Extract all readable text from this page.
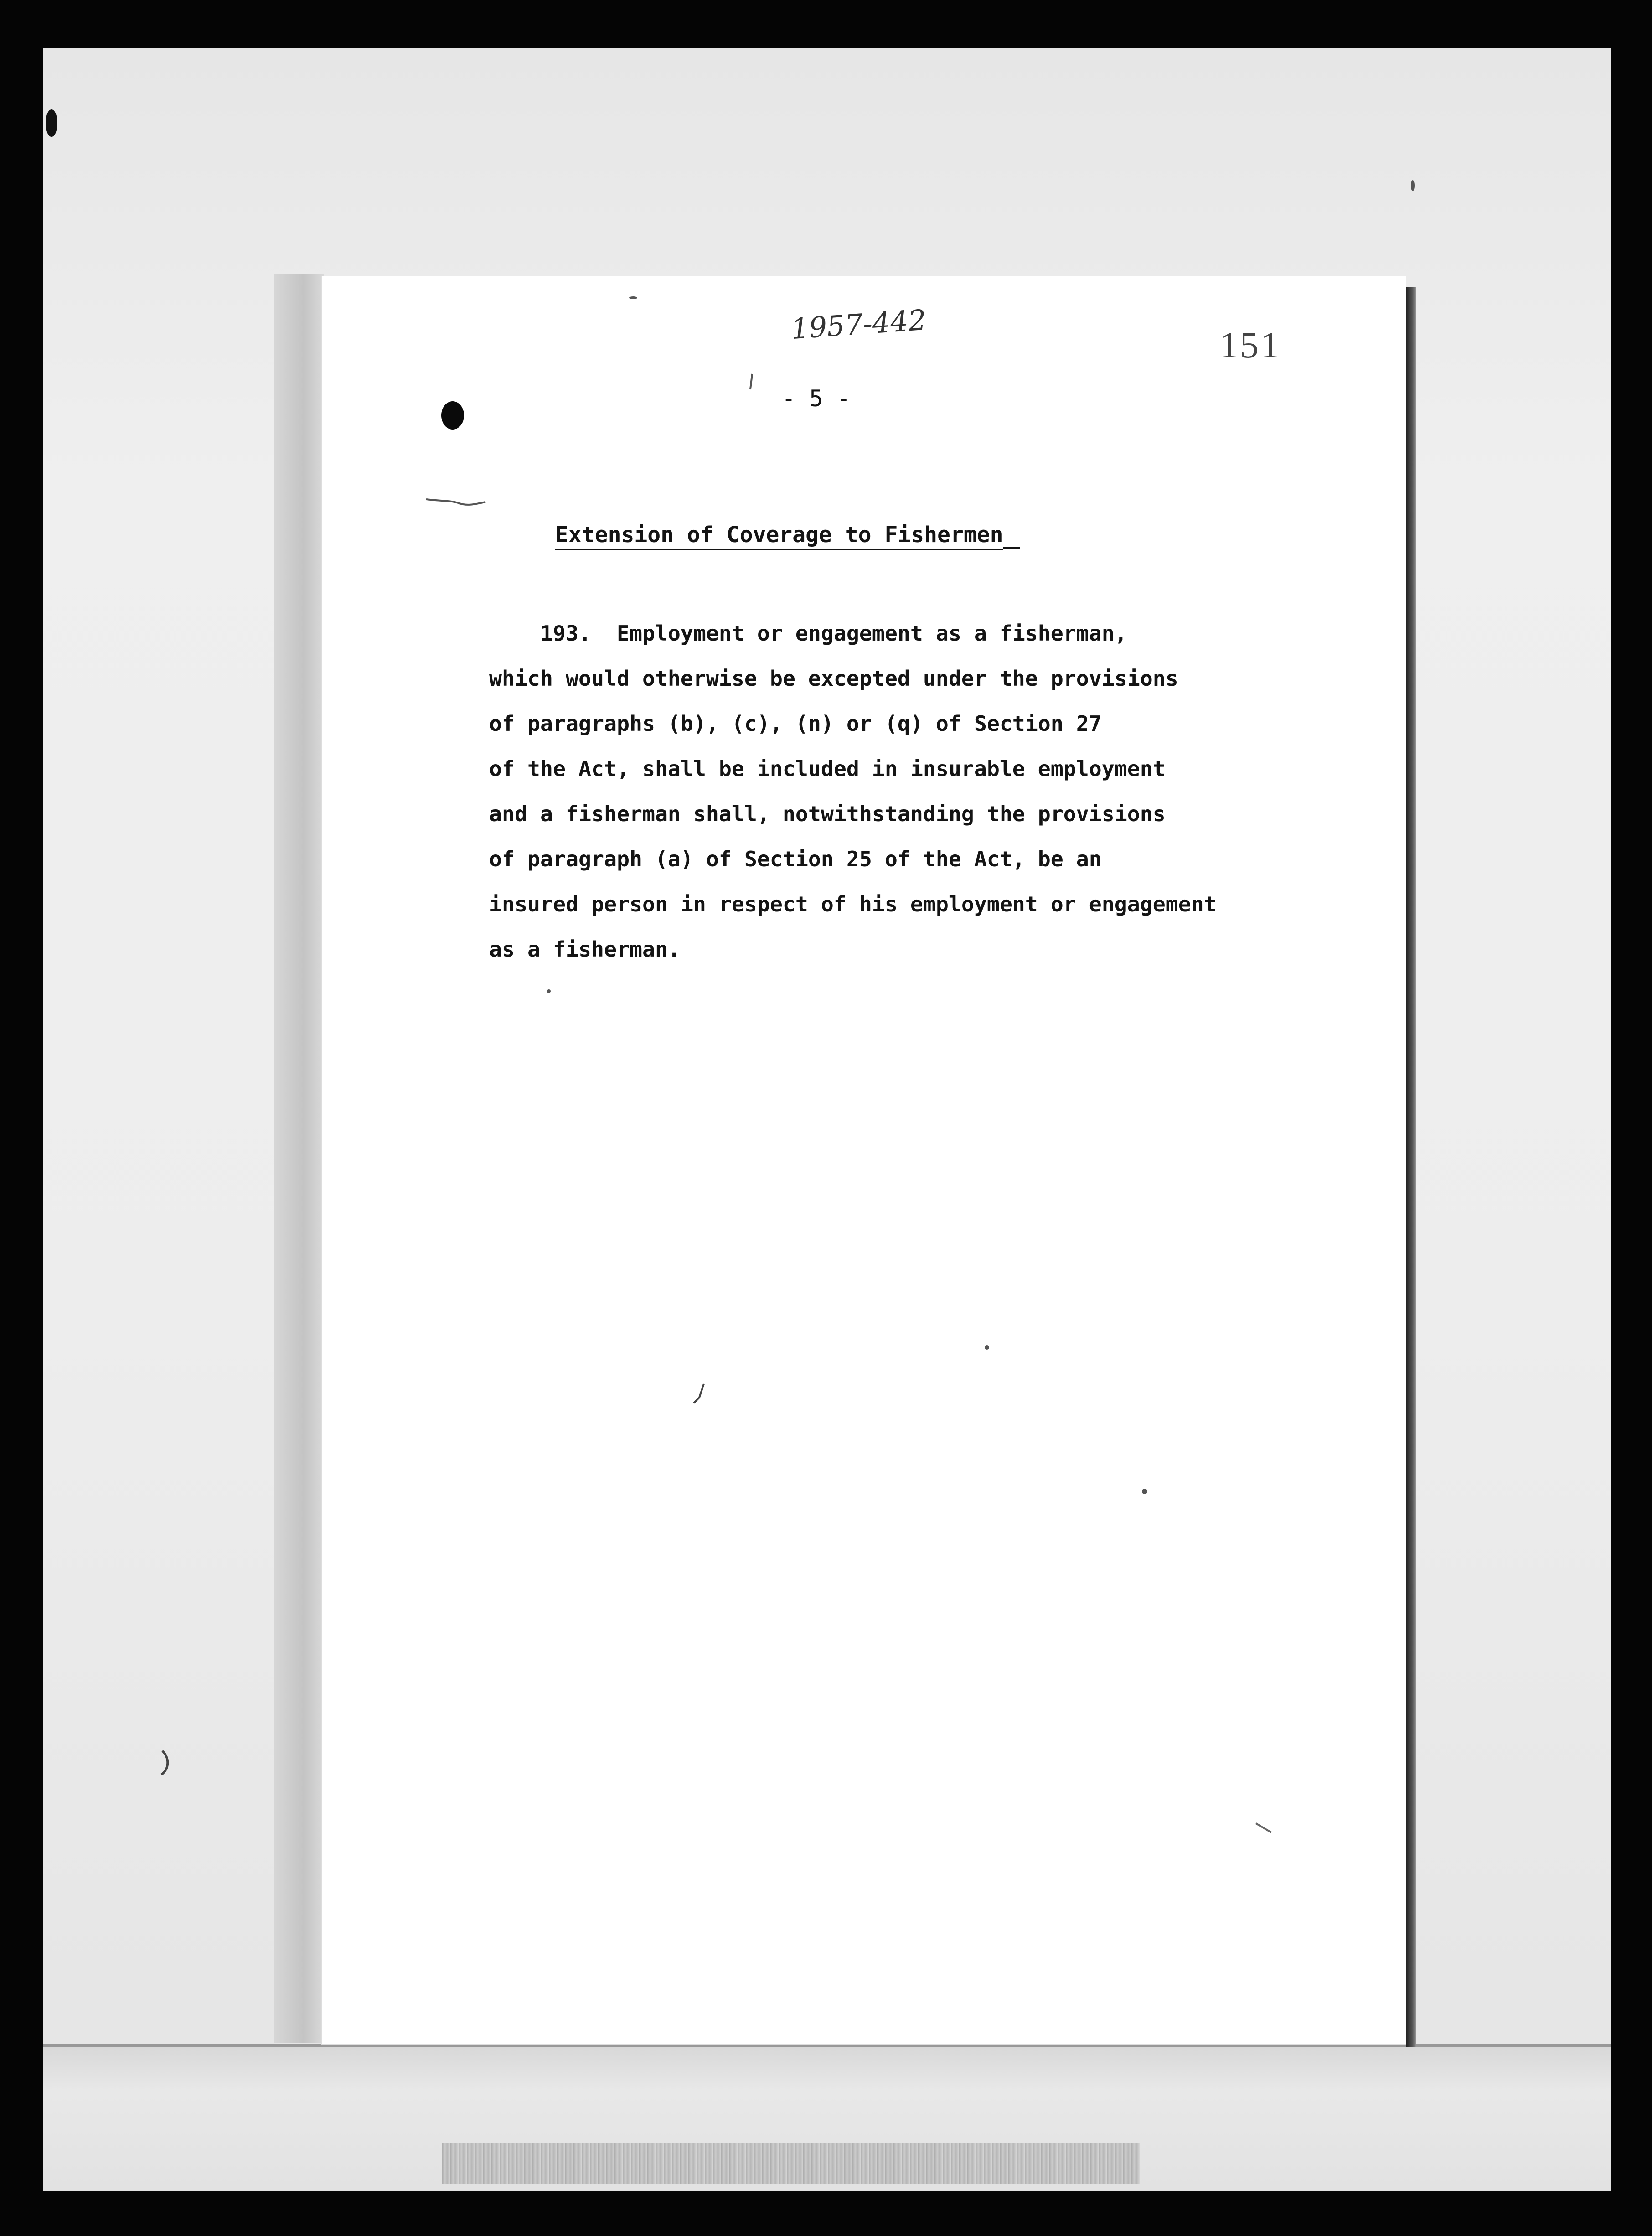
1957-442	151
- 5 -
Extension of Coverage to Fishermen
193.  Employment or engagement as a fisherman,
which would otherwise be excepted under the provisions
of paragraphs (b), (c), (n) or (q) of Section 27
of the Act, shall be included in insurable employment
and a fisherman shall, notwithstanding the provisions
of paragraph (a) of Section 25 of the Act, be an
insured person in respect of his employment or engagement
as a fisherman.
